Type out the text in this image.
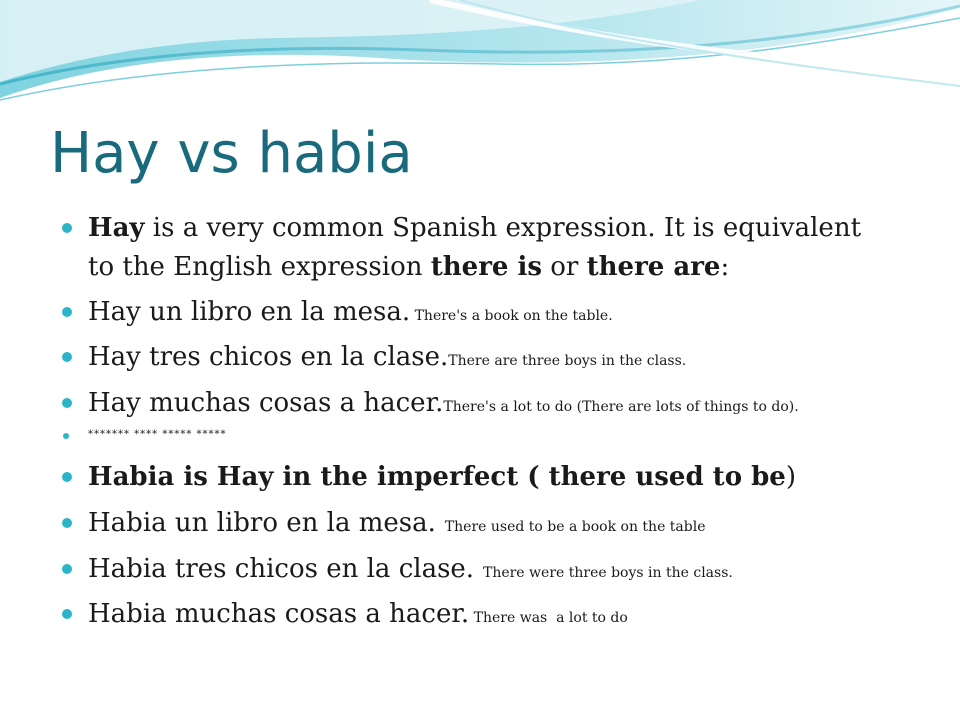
Hay vs habia
Hay is a very common Spanish expression. It is equivalent to the English expression there is or there are:
Hay un libro en la mesa. There's a book on the table.
Hay tres chicos en la clase.There are three boys in the class.
Hay muchas cosas a hacer.There's a lot to do (There are lots of things to do).
******* **** ***** *****
Habia is Hay in the imperfect ( there used to be)
Habia un libro en la mesa.  There used to be a book on the table
Habia tres chicos en la clase.  There were three boys in the class.
Habia muchas cosas a hacer. There was  a lot to do
